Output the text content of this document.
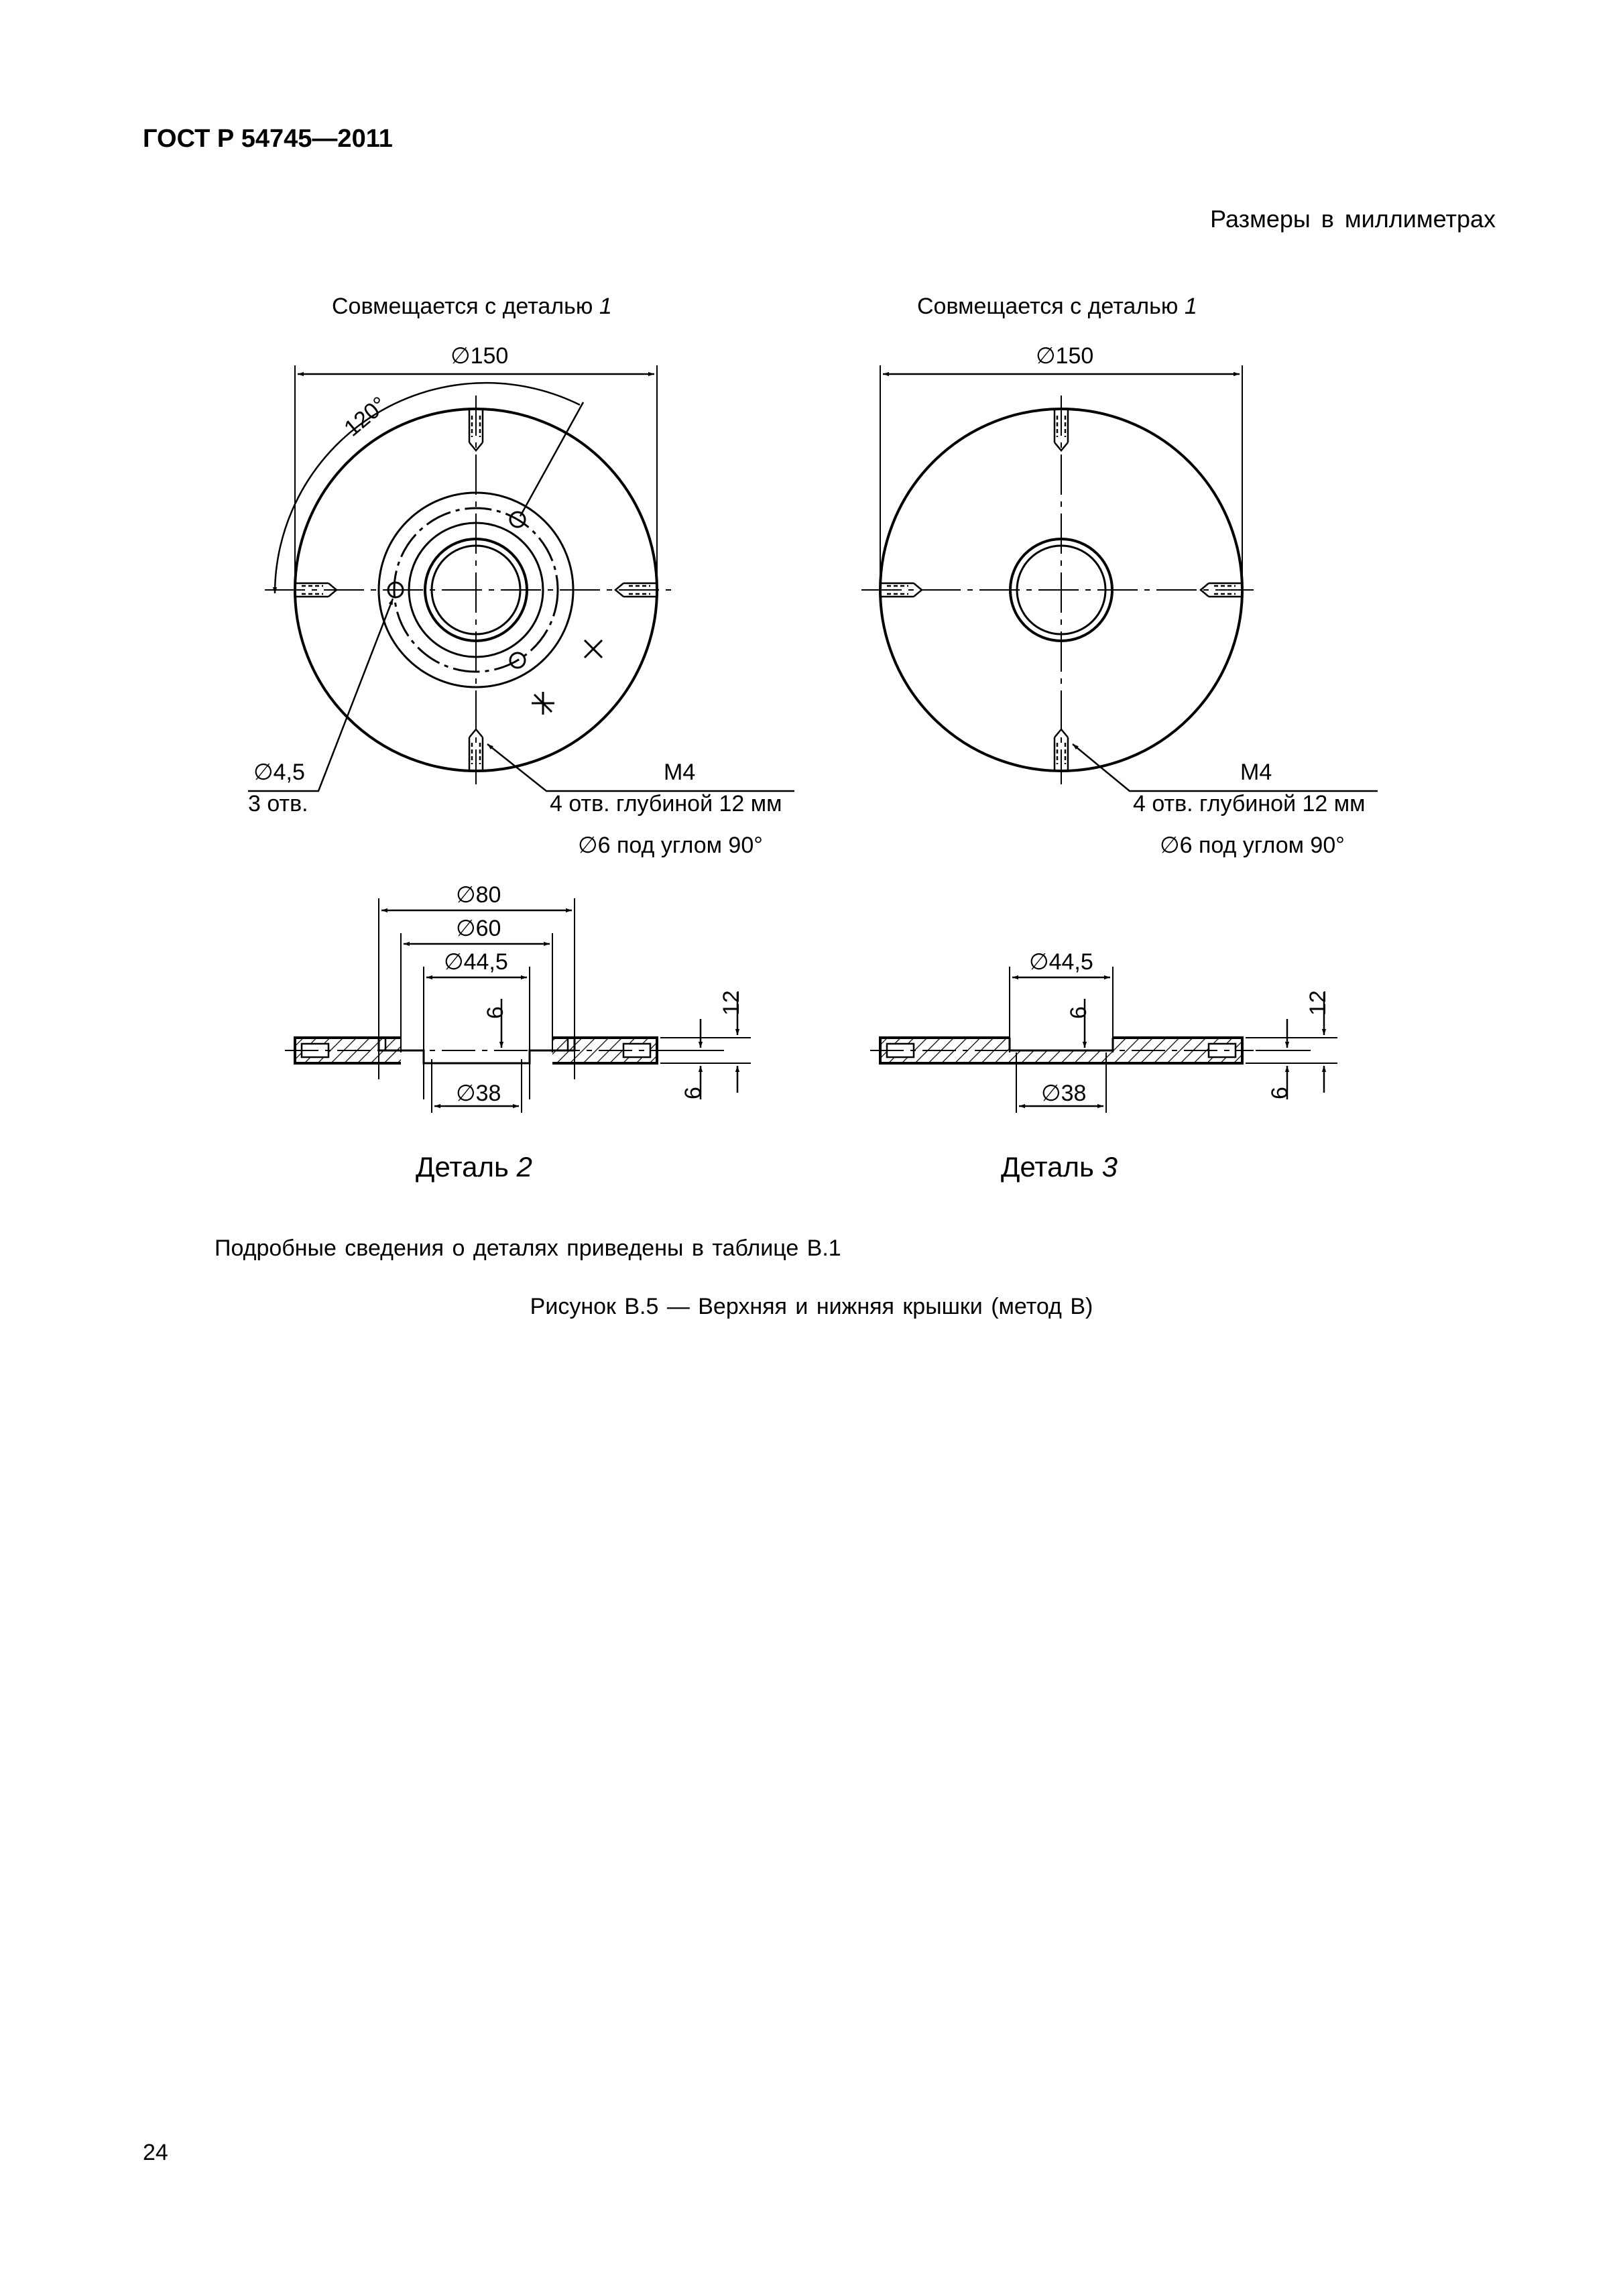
ГОСТ Р 54745—2011
Размеры в миллиметрах
Совмещается с деталью 1
∅150
120°
∅4,5
3 отв.
М4
4 отв. глубиной 12 мм
∅6 под углом 90°
Совмещается с деталью 1
∅150
М4
4 отв. глубиной 12 мм
∅6 под углом 90°
∅80
∅60
∅44,5
6	12
6
∅38
Деталь 2
∅44,5
6	12
6
∅38
Деталь 3
Подробные сведения о деталях приведены в таблице В.1
Рисунок В.5 — Верхняя и нижняя крышки (метод В)
24
